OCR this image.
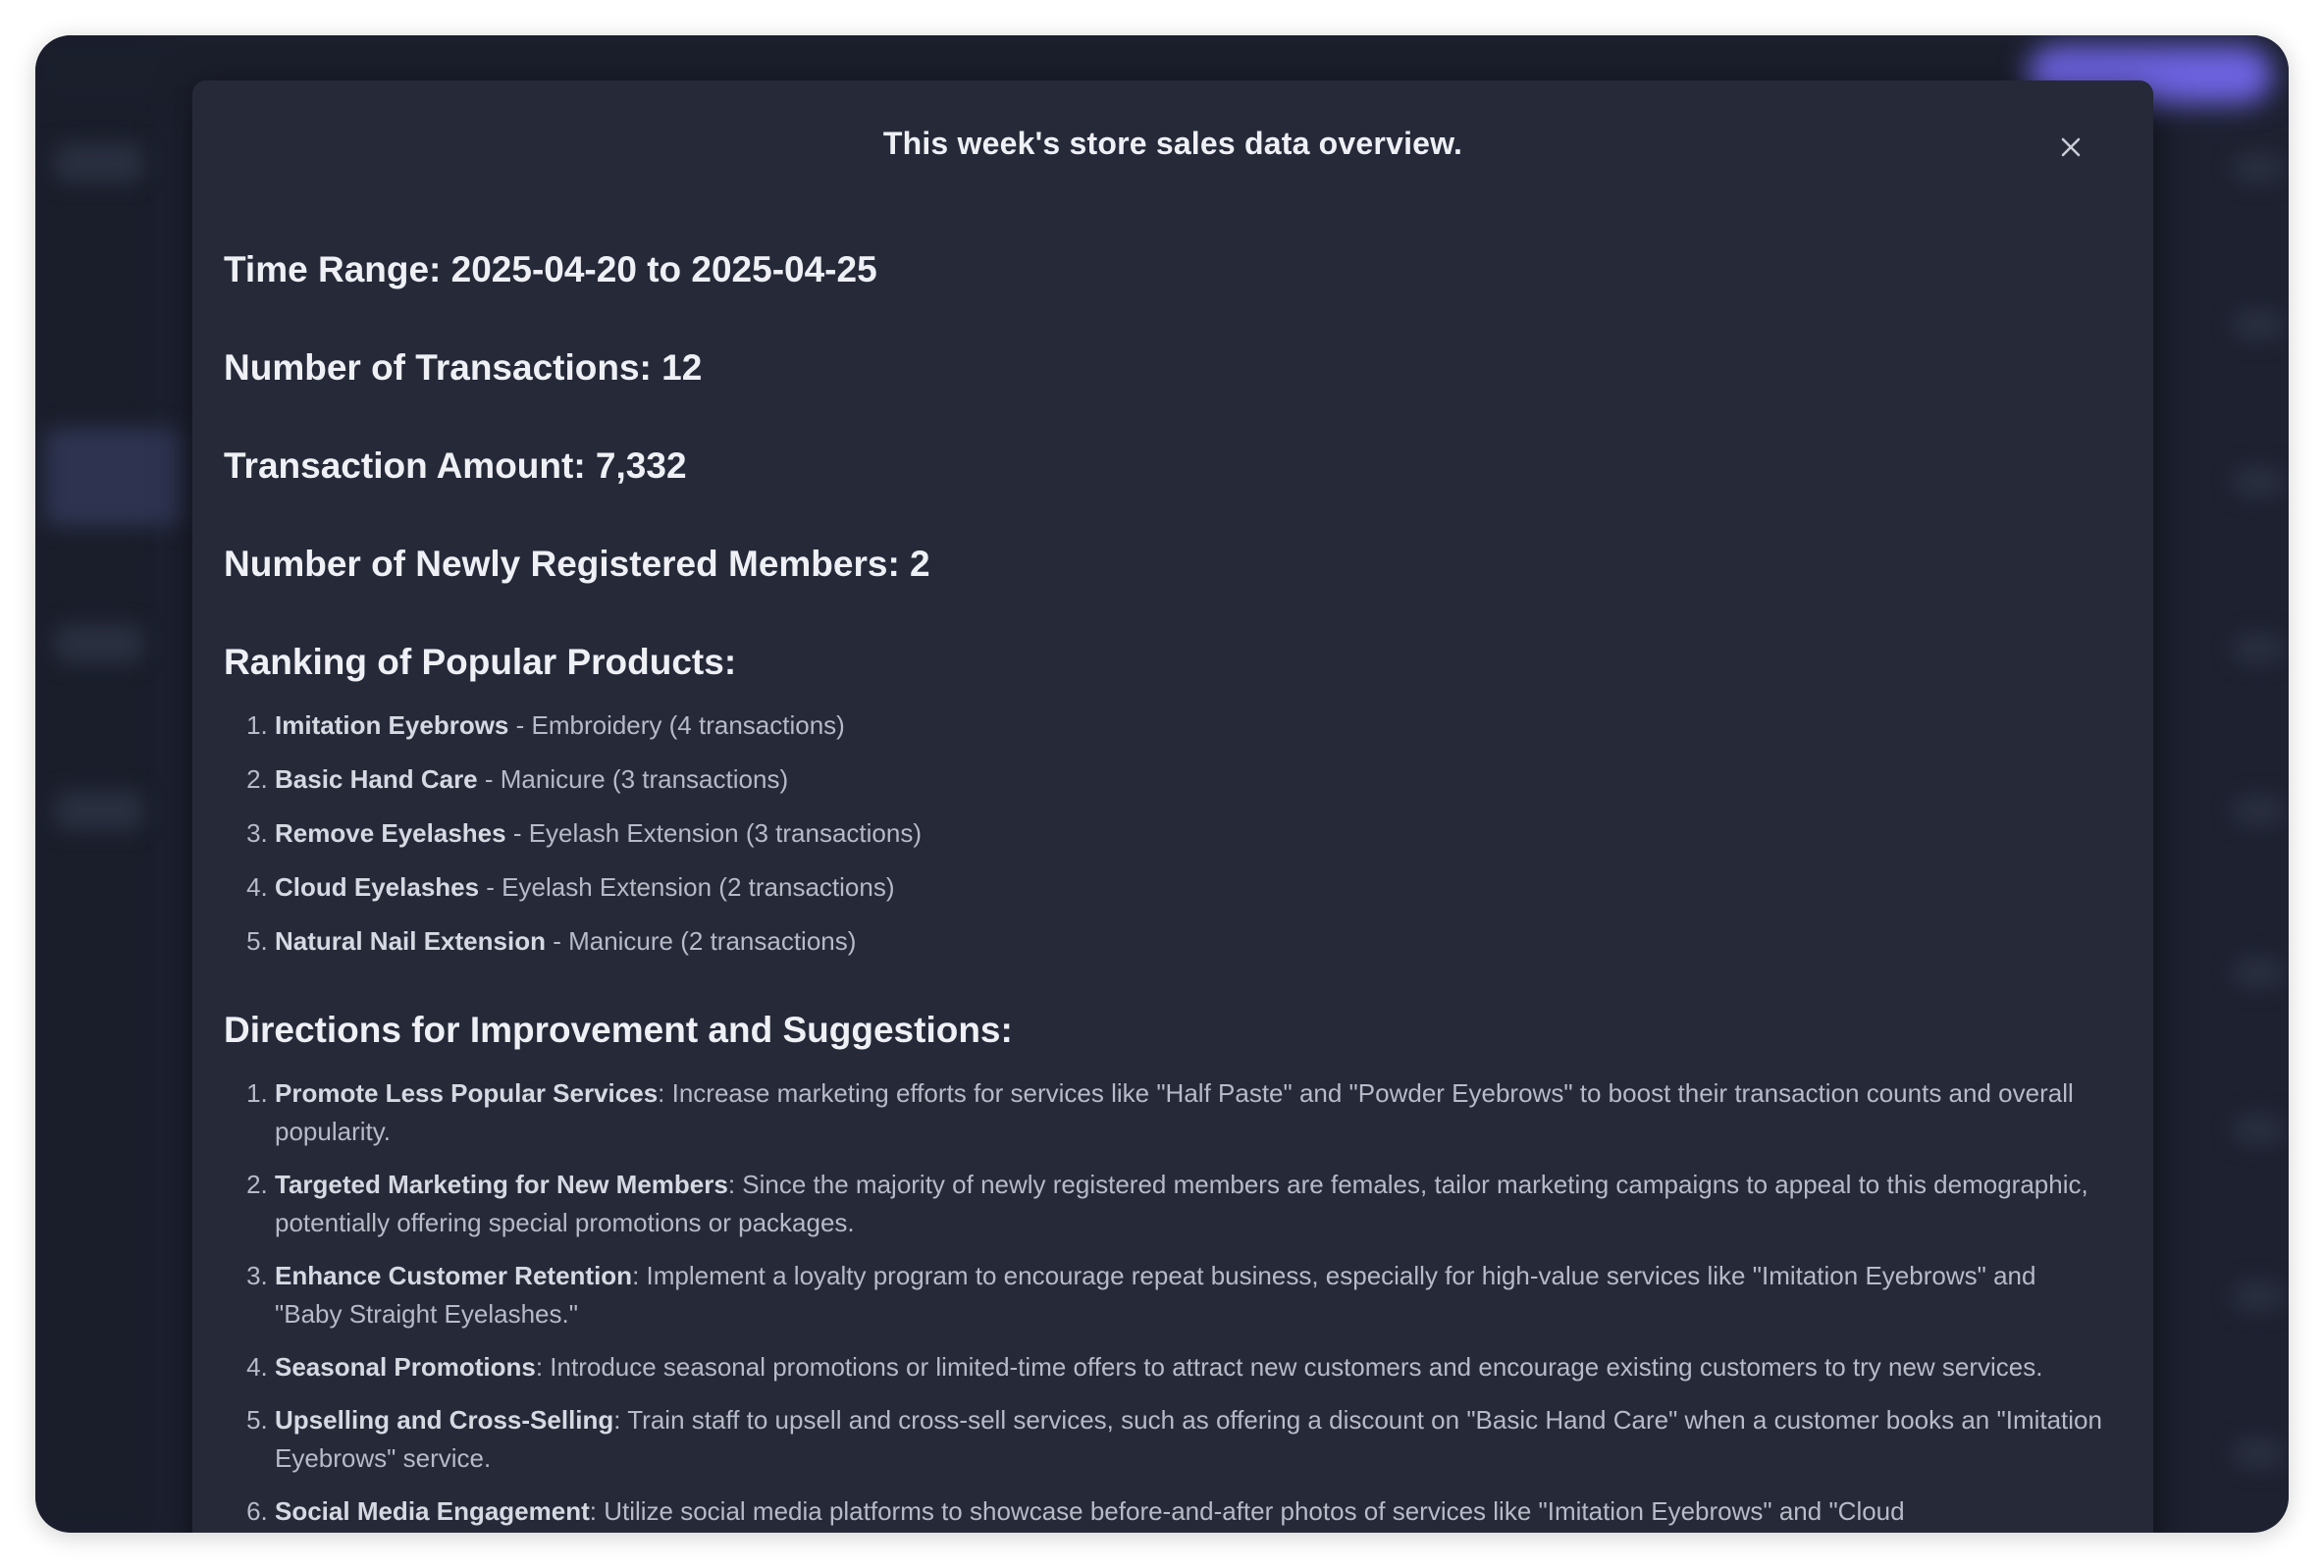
This week's store sales data overview.
Time Range: 2025-04-20 to 2025-04-25
Number of Transactions: 12
Transaction Amount: 7,332
Number of Newly Registered Members: 2
Ranking of Popular Products:
1. Imitation Eyebrows - Embroidery (4 transactions)
2. Basic Hand Care - Manicure (3 transactions)
3. Remove Eyelashes - Eyelash Extension (3 transactions)
4. Cloud Eyelashes - Eyelash Extension (2 transactions)
5. Natural Nail Extension - Manicure (2 transactions)
Directions for Improvement and Suggestions:
1. Promote Less Popular Services: Increase marketing efforts for services like "Half Paste" and "Powder Eyebrows" to boost their transaction counts and overall popularity.
2. Targeted Marketing for New Members: Since the majority of newly registered members are females, tailor marketing campaigns to appeal to this demographic, potentially offering special promotions or packages.
3. Enhance Customer Retention: Implement a loyalty program to encourage repeat business, especially for high-value services like "Imitation Eyebrows" and "Baby Straight Eyelashes."
4. Seasonal Promotions: Introduce seasonal promotions or limited-time offers to attract new customers and encourage existing customers to try new services.
5. Upselling and Cross-Selling: Train staff to upsell and cross-sell services, such as offering a discount on "Basic Hand Care" when a customer books an "Imitation Eyebrows" service.
6. Social Media Engagement: Utilize social media platforms to showcase before-and-after photos of services like "Imitation Eyebrows" and "Cloud
